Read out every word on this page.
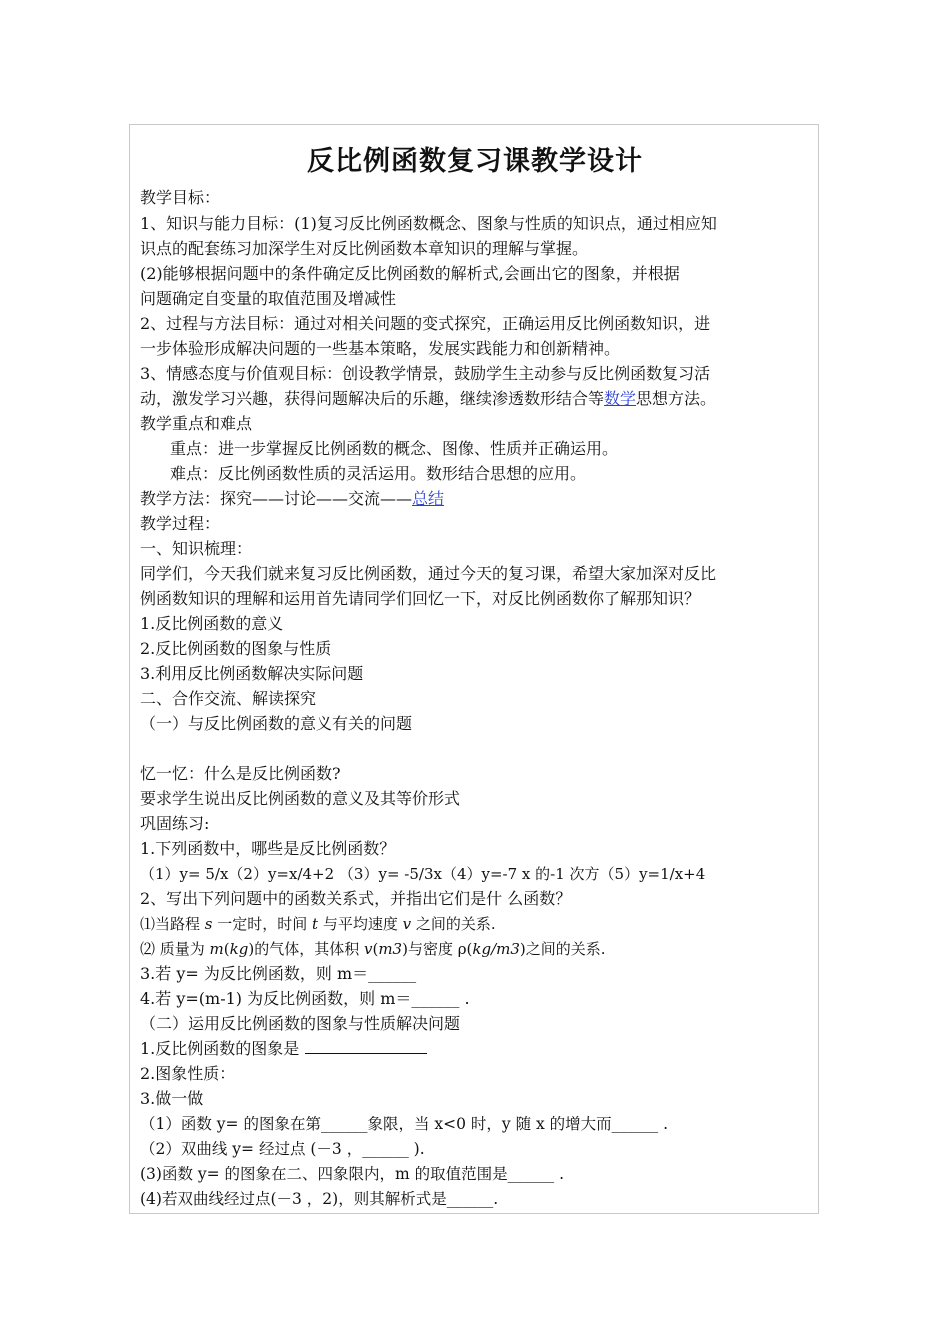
反比例函数复习课教学设计
教学目标：
1、知识与能力目标：(1)复习反比例函数概念、图象与性质的知识点，通过相应知
识点的配套练习加深学生对反比例函数本章知识的理解与掌握。
(2)能够根据问题中的条件确定反比例函数的解析式,会画出它的图象，并根据
问题确定自变量的取值范围及增减性
2、过程与方法目标：通过对相关问题的变式探究，正确运用反比例函数知识，进
一步体验形成解决问题的一些基本策略，发展实践能力和创新精神。
3、情感态度与价值观目标：创设教学情景，鼓励学生主动参与反比例函数复习活
动，激发学习兴趣，获得问题解决后的乐趣，继续渗透数形结合等数学思想方法。
教学重点和难点
重点：进一步掌握反比例函数的概念、图像、性质并正确运用。
难点：反比例函数性质的灵活运用。数形结合思想的应用。
教学方法：探究——讨论——交流——总结
教学过程：
一、知识梳理：
同学们，今天我们就来复习反比例函数，通过今天的复习课，希望大家加深对反比
例函数知识的理解和运用首先请同学们回忆一下，对反比例函数你了解那知识？
1.反比例函数的意义
2.反比例函数的图象与性质
3.利用反比例函数解决实际问题
二、合作交流、解读探究
（一）与反比例函数的意义有关的问题
忆一忆：什么是反比例函数?
要求学生说出反比例函数的意义及其等价形式
巩固练习:
1.下列函数中，哪些是反比例函数？
（1）y= 5/x（2）y=x/4+2 （3）y= -5/3x（4）y=-7 x 的-1 次方（5）y=1/x+4
2、写出下列问题中的函数关系式，并指出它们是什 么函数？
⑴当路程 s 一定时，时间 t 与平均速度 v 之间的关系.
⑵ 质量为 m(kg)的气体，其体积 v(m3)与密度 ρ(kg/m3)之间的关系.
3.若 y= 为反比例函数，则 m＝______
4.若 y=(m-1) 为反比例函数，则 m＝______ .
（二）运用反比例函数的图象与性质解决问题
1.反比例函数的图象是
2.图象性质：
3.做一做
（1）函数 y= 的图象在第______象限，当 x<0 时，y 随 x 的增大而______ .
（2）双曲线 y= 经过点 (－3 ，______ ).
(3)函数 y= 的图象在二、四象限内，m 的取值范围是______ .
(4)若双曲线经过点(－3 ，2)，则其解析式是______.
